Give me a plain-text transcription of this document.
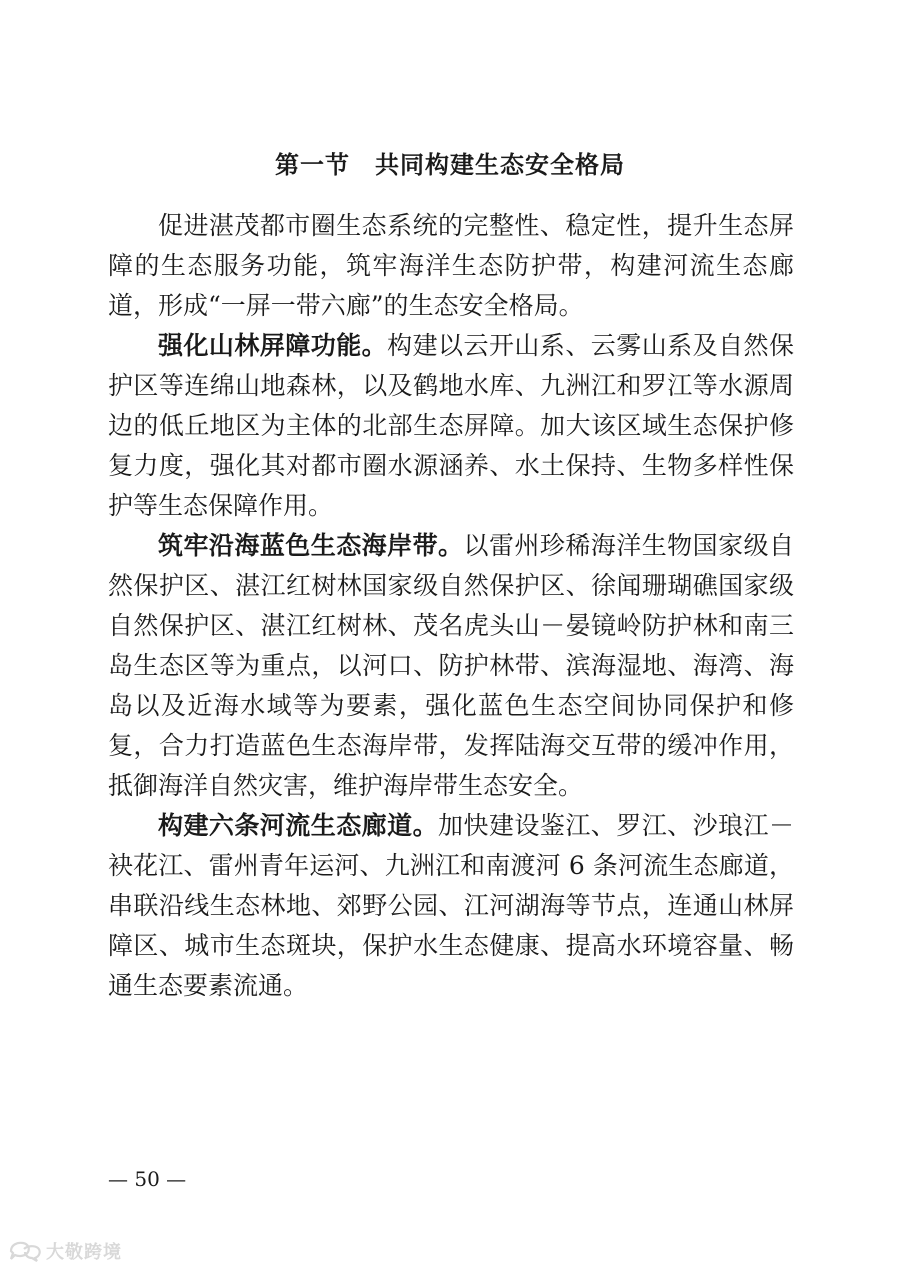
第一节　共同构建生态安全格局

促进湛茂都市圈生态系统的完整性、稳定性，提升生态屏障的生态服务功能，筑牢海洋生态防护带，构建河流生态廊道，形成“一屏一带六廊”的生态安全格局。

强化山林屏障功能。构建以云开山系、云雾山系及自然保护区等连绵山地森林，以及鹤地水库、九洲江和罗江等水源周边的低丘地区为主体的北部生态屏障。加大该区域生态保护修复力度，强化其对都市圈水源涵养、水土保持、生物多样性保护等生态保障作用。

筑牢沿海蓝色生态海岸带。以雷州珍稀海洋生物国家级自然保护区、湛江红树林国家级自然保护区、徐闻珊瑚礁国家级自然保护区、湛江红树林、茂名虎头山－晏镜岭防护林和南三岛生态区等为重点，以河口、防护林带、滨海湿地、海湾、海岛以及近海水域等为要素，强化蓝色生态空间协同保护和修复，合力打造蓝色生态海岸带，发挥陆海交互带的缓冲作用，抵御海洋自然灾害，维护海岸带生态安全。

构建六条河流生态廊道。加快建设鉴江、罗江、沙琅江－袂花江、雷州青年运河、九洲江和南渡河 6 条河流生态廊道，串联沿线生态林地、郊野公园、江河湖海等节点，连通山林屏障区、城市生态斑块，保护水生态健康、提高水环境容量、畅通生态要素流通。

— 50 —
大敬跨境
